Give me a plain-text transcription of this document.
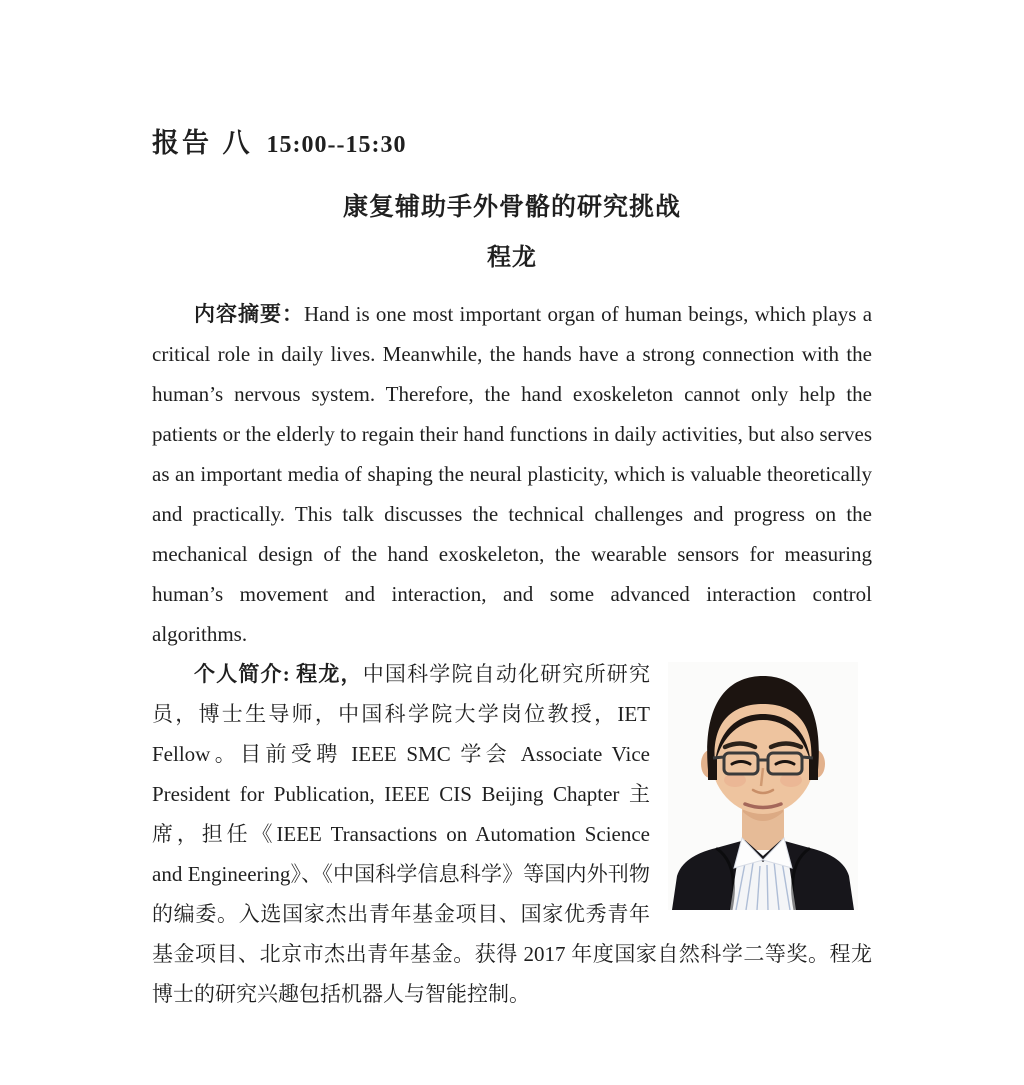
报告 八 15:00--15:30
康复辅助手外骨骼的研究挑战
程龙

内容摘要：Hand is one most important organ of human beings, which plays a critical role in daily lives. Meanwhile, the hands have a strong connection with the human’s nervous system. Therefore, the hand exoskeleton cannot only help the patients or the elderly to regain their hand functions in daily activities, but also serves as an important media of shaping the neural plasticity, which is valuable theoretically and practically. This talk discusses the technical challenges and progress on the mechanical design of the hand exoskeleton, the wearable sensors for measuring human’s movement and interaction, and some advanced interaction control algorithms.

个人简介: 程龙，中国科学院自动化研究所研究员，博士生导师，中国科学院大学岗位教授，IET Fellow。目前受聘 IEEE SMC 学会 Associate Vice President for Publication, IEEE CIS Beijing Chapter 主席，担任《IEEE Transactions on Automation Science and Engineering》、《中国科学信息科学》等国内外刊物的编委。入选国家杰出青年基金项目、国家优秀青年基金项目、北京市杰出青年基金。获得 2017 年度国家自然科学二等奖。程龙博士的研究兴趣包括机器人与智能控制。
